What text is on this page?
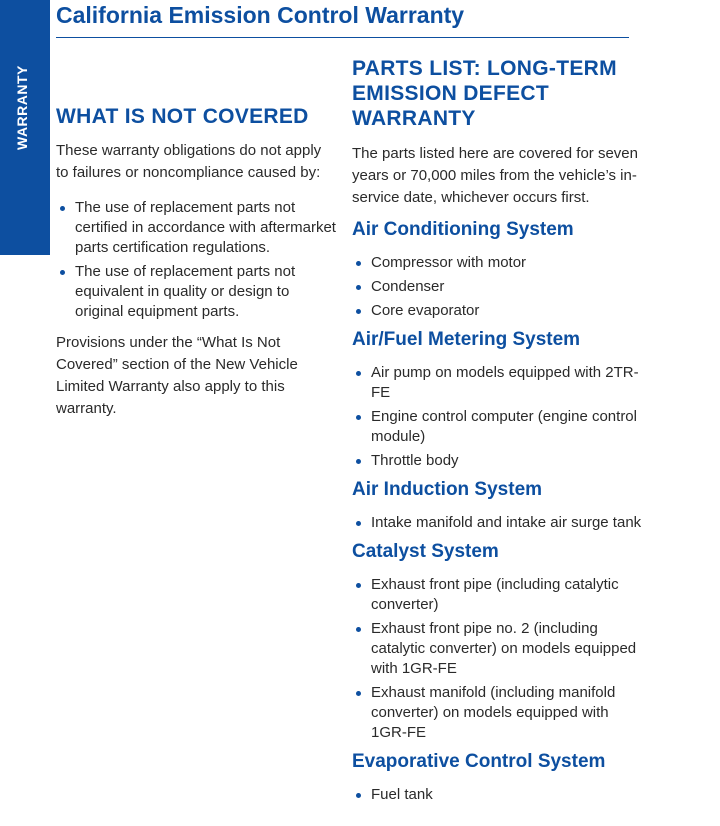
WARRANTY
California Emission Control Warranty
WHAT IS NOT COVERED

These warranty obligations do not apply to failures or noncompliance caused by:

The use of replacement parts not certified in accordance with aftermarket parts certification regulations.
The use of replacement parts not equivalent in quality or design to original equipment parts.

Provisions under the “What Is Not Covered” section of the New Vehicle Limited Warranty also apply to this warranty.

PARTS LIST: LONG-TERM EMISSION DEFECT WARRANTY

The parts listed here are covered for seven years or 70,000 miles from the vehicle’s in-service date, whichever occurs first.

Air Conditioning System
Compressor with motor
Condenser
Core evaporator
Air/Fuel Metering System
Air pump on models equipped with 2TR-FE
Engine control computer (engine control module)
Throttle body
Air Induction System
Intake manifold and intake air surge tank
Catalyst System
Exhaust front pipe (including catalytic converter)
Exhaust front pipe no. 2 (including catalytic converter) on models equipped with 1GR-FE
Exhaust manifold (including manifold converter) on models equipped with 1GR-FE
Evaporative Control System
Fuel tank
